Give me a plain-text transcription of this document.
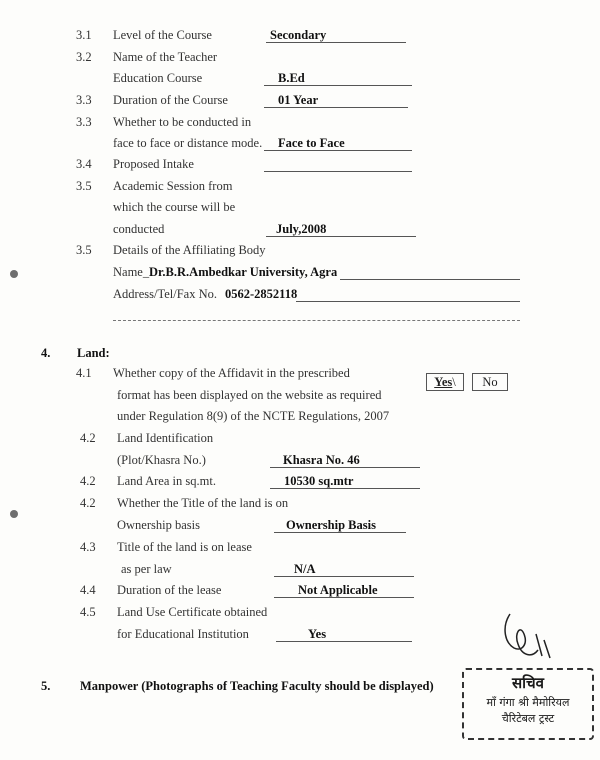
3.1 Level of the Course	Secondary
3.2 Name of the Teacher
Education Course	B.Ed
3.3 Duration of the Course	01 Year
3.3 Whether to be conducted in
face to face or distance mode. Face to Face
3.4 Proposed Intake
3.5 Academic Session from
which the course will be
conducted	July,2008
3.5 Details of the Affiliating Body
Name_ Dr.B.R.Ambedkar University, Agra
Address/Tel/Fax No. 0562-2852118
4. Land:
4.1 Whether copy of the Affidavit in the prescribed
format has been displayed on the website as required
under Regulation 8(9) of the NCTE Regulations, 2007
Yes\	No
4.2 Land Identification
(Plot/Khasra No.)	Khasra No. 46
4.2 Land Area in sq.mt.	10530 sq.mtr
4.2 Whether the Title of the land is on
Ownership basis	Ownership Basis
4.3 Title of the land is on lease
as per law	N/A
4.4 Duration of the lease	Not Applicable
4.5 Land Use Certificate obtained
for Educational Institution	Yes
5. Manpower (Photographs of Teaching Faculty should be displayed)	सचिव
माँ गंगा श्री मैमोरियल
चैरिटेबल ट्रस्ट
